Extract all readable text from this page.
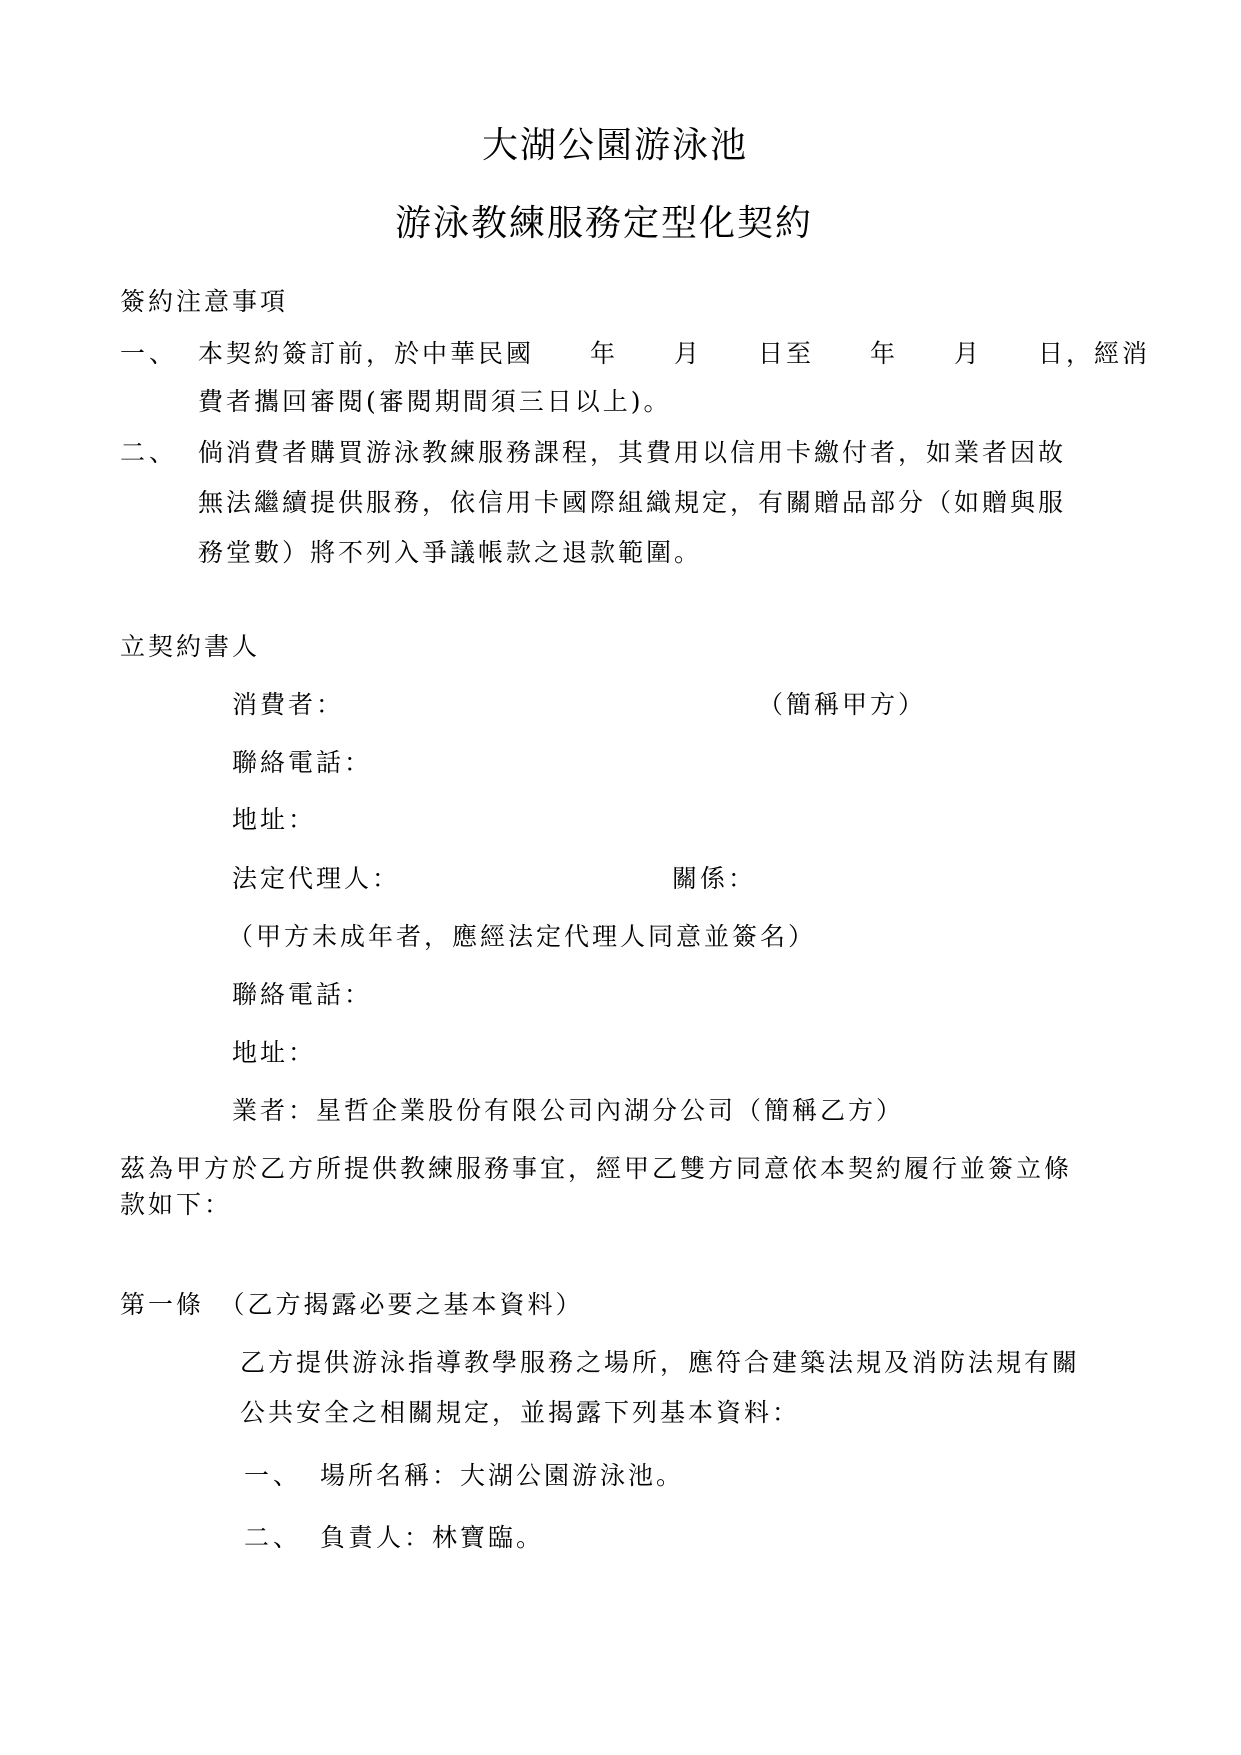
大湖公園游泳池
游泳教練服務定型化契約
簽約注意事項
一、 本契約簽訂前，於中華民國　　年　　月　　日至　　年　　月　　日，經消
費者攜回審閱(審閱期間須三日以上)。
二、 倘消費者購買游泳教練服務課程，其費用以信用卡繳付者，如業者因故
無法繼續提供服務，依信用卡國際組織規定，有關贈品部分（如贈與服
務堂數）將不列入爭議帳款之退款範圍。
立契約書人
消費者：	（簡稱甲方）
聯絡電話：
地址：
法定代理人：	關係：
（甲方未成年者，應經法定代理人同意並簽名）
聯絡電話：
地址：
業者：星哲企業股份有限公司內湖分公司（簡稱乙方）
茲為甲方於乙方所提供教練服務事宜，經甲乙雙方同意依本契約履行並簽立條
款如下：
第一條　（乙方揭露必要之基本資料）
乙方提供游泳指導教學服務之場所，應符合建築法規及消防法規有關
公共安全之相關規定，並揭露下列基本資料：
一、 場所名稱：大湖公園游泳池。
二、 負責人：林寶臨。
